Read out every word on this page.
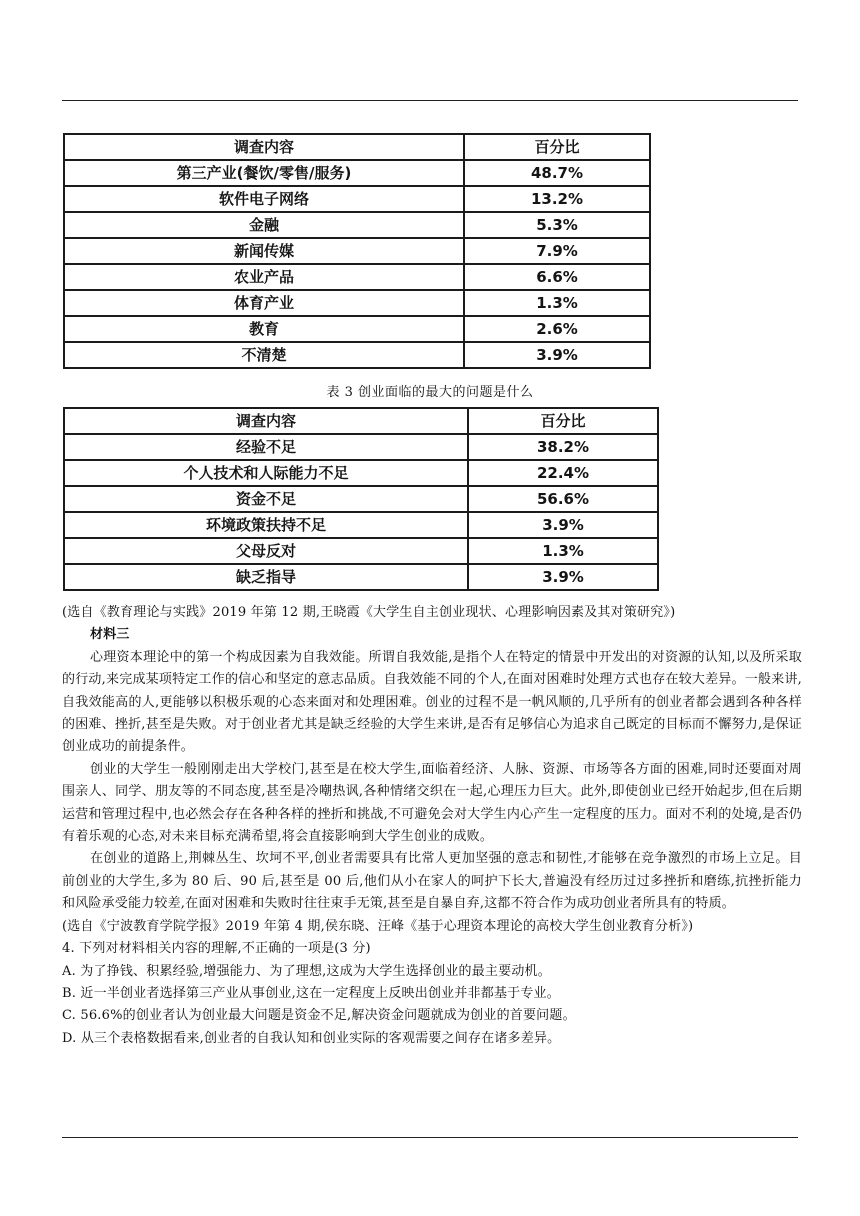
调查内容	百分比
第三产业(餐饮/零售/服务)	48.7%
软件电子网络	13.2%
金融	5.3%
新闻传媒	7.9%
农业产品	6.6%
体育产业	1.3%
教育	2.6%
不清楚	3.9%
表 3 创业面临的最大的问题是什么
调查内容	百分比
经验不足	38.2%
个人技术和人际能力不足	22.4%
资金不足	56.6%
环境政策扶持不足	3.9%
父母反对	1.3%
缺乏指导	3.9%

(选自《教育理论与实践》2019 年第 12 期,王晓霞《大学生自主创业现状、心理影响因素及其对策研究》)

材料三

心理资本理论中的第一个构成因素为自我效能。所谓自我效能,是指个人在特定的情景中开发出的对资源的认知,以及所采取的行动,来完成某项特定工作的信心和坚定的意志品质。自我效能不同的个人,在面对困难时处理方式也存在较大差异。一般来讲,自我效能高的人,更能够以积极乐观的心态来面对和处理困难。创业的过程不是一帆风顺的,几乎所有的创业者都会遇到各种各样的困难、挫折,甚至是失败。对于创业者尤其是缺乏经验的大学生来讲,是否有足够信心为追求自己既定的目标而不懈努力,是保证创业成功的前提条件。

创业的大学生一般刚刚走出大学校门,甚至是在校大学生,面临着经济、人脉、资源、市场等各方面的困难,同时还要面对周围亲人、同学、朋友等的不同态度,甚至是冷嘲热讽,各种情绪交织在一起,心理压力巨大。此外,即使创业已经开始起步,但在后期运营和管理过程中,也必然会存在各种各样的挫折和挑战,不可避免会对大学生内心产生一定程度的压力。面对不利的处境,是否仍有着乐观的心态,对未来目标充满希望,将会直接影响到大学生创业的成败。

在创业的道路上,荆棘丛生、坎坷不平,创业者需要具有比常人更加坚强的意志和韧性,才能够在竞争激烈的市场上立足。目前创业的大学生,多为 80 后、90 后,甚至是 00 后,他们从小在家人的呵护下长大,普遍没有经历过过多挫折和磨练,抗挫折能力和风险承受能力较差,在面对困难和失败时往往束手无策,甚至是自暴自弃,这都不符合作为成功创业者所具有的特质。

(选自《宁波教育学院学报》2019 年第 4 期,侯东晓、汪峰《基于心理资本理论的高校大学生创业教育分析》)

4. 下列对材料相关内容的理解,不正确的一项是(3 分)

A. 为了挣钱、积累经验,增强能力、为了理想,这成为大学生选择创业的最主要动机。

B. 近一半创业者选择第三产业从事创业,这在一定程度上反映出创业并非都基于专业。

C. 56.6%的创业者认为创业最大问题是资金不足,解决资金问题就成为创业的首要问题。

D. 从三个表格数据看来,创业者的自我认知和创业实际的客观需要之间存在诸多差异。
